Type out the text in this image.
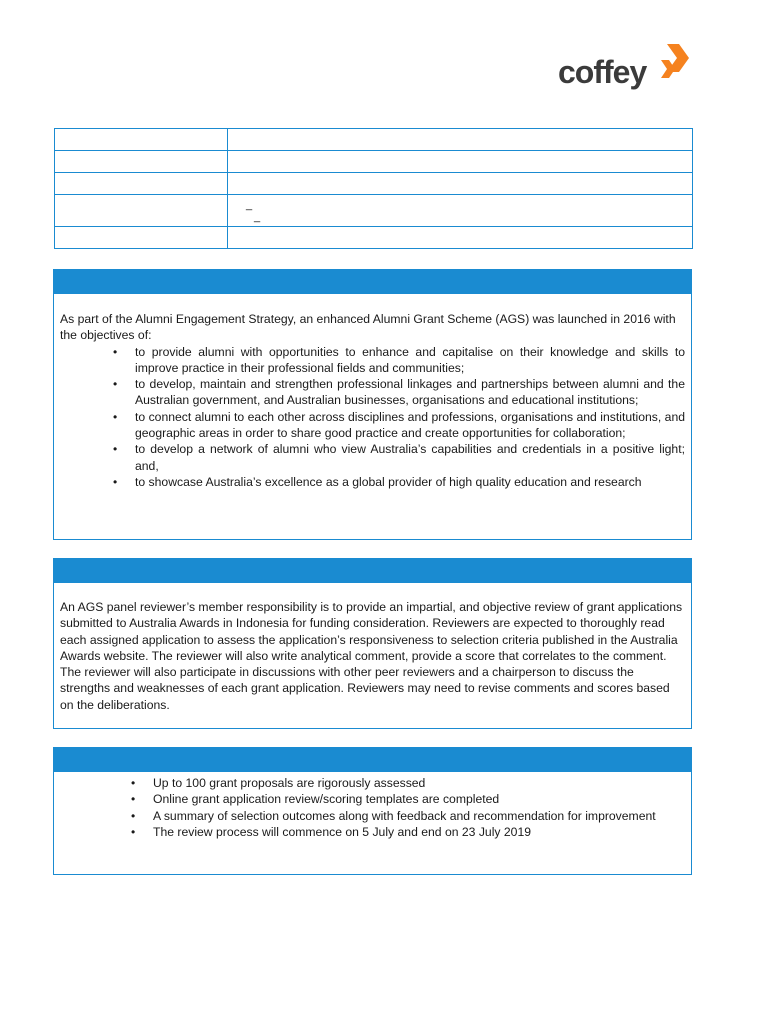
coffey

	_
_

As part of the Alumni Engagement Strategy, an enhanced Alumni Grant Scheme (AGS) was launched in 2016 with the objectives of:
• to provide alumni with opportunities to enhance and capitalise on their knowledge and skills to improve practice in their professional fields and communities;
• to develop, maintain and strengthen professional linkages and partnerships between alumni and the Australian government, and Australian businesses, organisations and educational institutions;
• to connect alumni to each other across disciplines and professions, organisations and institutions, and geographic areas in order to share good practice and create opportunities for collaboration;
• to develop a network of alumni who view Australia’s capabilities and credentials in a positive light; and,
• to showcase Australia’s excellence as a global provider of high quality education and research
An AGS panel reviewer’s member responsibility is to provide an impartial, and objective review of grant applications submitted to Australia Awards in Indonesia for funding consideration. Reviewers are expected to thoroughly read each assigned application to assess the application’s responsiveness to selection criteria published in the Australia Awards website. The reviewer will also write analytical comment, provide a score that correlates to the comment. The reviewer will also participate in discussions with other peer reviewers and a chairperson to discuss the strengths and weaknesses of each grant application. Reviewers may need to revise comments and scores based on the deliberations.
• Up to 100 grant proposals are rigorously assessed
• Online grant application review/scoring templates are completed
• A summary of selection outcomes along with feedback and recommendation for improvement
• The review process will commence on 5 July and end on 23 July 2019
